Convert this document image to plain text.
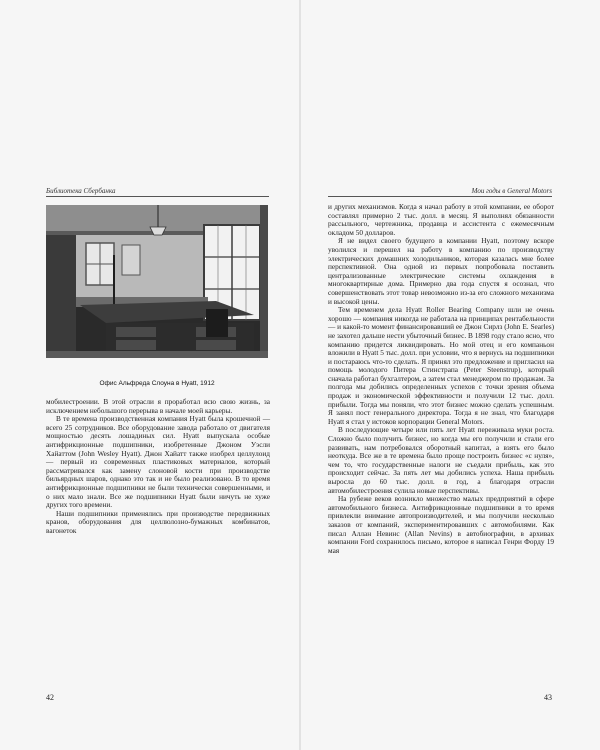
Библиотека Сбербанка
Офис Альфреда Слоуна в Hyatt, 1912

мобилестроении. В этой отрасли я проработал всю свою жизнь, за исключением небольшого перерыва в начале моей карьеры.

В те времена производственная компания Hyatt была крошечной — всего 25 сотрудников. Все оборудование завода работало от двигателя мощностью десять лошадиных сил. Hyatt выпускала особые антифрикционные подшипники, изобретенные Джоном Уэсли Хайаттом (John Wesley Hyatt). Джон Хайатт также изобрел целлулоид — первый из современных пластиковых материалов, который рассматривался как замену слоновой кости при производстве бильярдных шаров, однако это так и не было реализовано. В то время антифрикционные подшипники не были технически совершенными, и о них мало знали. Все же подшипники Hyatt были ничуть не хуже других того времени.

Наши подшипники применялись при производстве передвижных кранов, оборудования для целлюлозно-бумажных комбинатов, вагонеток

42
Мои годы в General Motors

и других механизмов. Когда я начал работу в этой компании, ее оборот составлял примерно 2 тыс. долл. в месяц. Я выполнял обязанности рассыльного, чертежника, продавца и ассистента с ежемесячным окладом 50 долларов.

Я не видел своего будущего в компании Hyatt, поэтому вскоре уволился и перешел на работу в компанию по производству электрических домашних холодильников, которая казалась мне более перспективной. Она одной из первых попробовала поставить централизованные электрические системы охлаждения в многоквартирные дома. Примерно два года спустя я осознал, что совершенствовать этот товар невозможно из-за его сложного механизма и высокой цены.

Тем временем дела Hyatt Roller Bearing Company шли не очень хорошо — компания никогда не работала на принципах рентабельности — и какой-то момент финансировавший ее Джон Сирлз (John E. Searles) не захотел дальше нести убыточный бизнес. В 1898 году стало ясно, что компанию придется ликвидировать. Но мой отец и его компаньон вложили в Hyatt 5 тыс. долл. при условии, что я вернусь на подшипники и постараюсь что-то сделать. Я принял это предложение и пригласил на помощь молодого Питера Стинстрапа (Peter Steenstrup), который сначала работал бухгалтером, а затем стал менеджером по продажам. За полгода мы добились определенных успехов с точки зрения объема продаж и экономической эффективности и получили 12 тыс. долл. прибыли. Тогда мы поняли, что этот бизнес можно сделать успешным. Я занял пост генерального директора. Тогда я не знал, что благодаря Hyatt я стал у истоков корпорации General Motors.

В последующие четыре или пять лет Hyatt переживала муки роста. Сложно было получить бизнес, но когда мы его получили и стали его развивать, нам потребовался оборотный капитал, а взять его было неоткуда. Все же в те времена было проще построить бизнес «с нуля», чем то, что государственные налоги не съедали прибыль, как это происходит сейчас. За пять лет мы добились успеха. Наша прибыль выросла до 60 тыс. долл. в год, а благодаря отрасли автомобилестроения сулила новые перспективы.

На рубеже веков возникло множество малых предприятий в сфере автомобильного бизнеса. Антифрикционные подшипники в то время привлекли внимание автопроизводителей, и мы получили несколько заказов от компаний, экспериментировавших с автомобилями. Как писал Аллан Невинс (Allan Nevins) в автобиографии, в архивах компании Ford сохранилось письмо, которое я написал Генри Форду 19 мая

43
